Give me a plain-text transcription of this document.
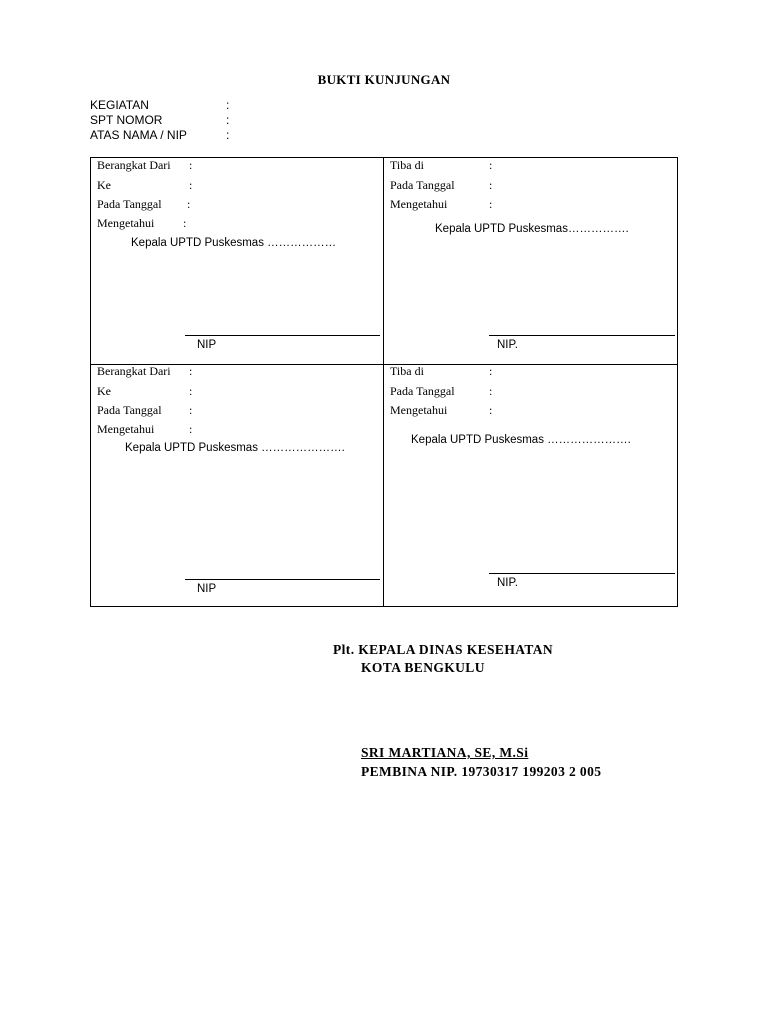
BUKTI KUNJUNGAN
KEGIATAN	:
SPT NOMOR	:
ATAS NAMA / NIP	:
Berangkat Dari :
Ke	:
Pada Tanggal :
Mengetahui :
Kepala UPTD Puskesmas ………………
NIP
Tiba di	:
Pada Tanggal	:
Mengetahui	:
Kepala UPTD Puskesmas…………….
NIP.
Berangkat Dari :
Ke	:
Pada Tanggal :
Mengetahui	:
Kepala UPTD Puskesmas ………………….
NIP
Tiba di	:
Pada Tanggal	:
Mengetahui	:
Kepala UPTD Puskesmas ………………….
NIP.
Plt. KEPALA DINAS KESEHATAN
KOTA BENGKULU
SRI MARTIANA, SE, M.Si
PEMBINA NIP. 19730317 199203 2 005
